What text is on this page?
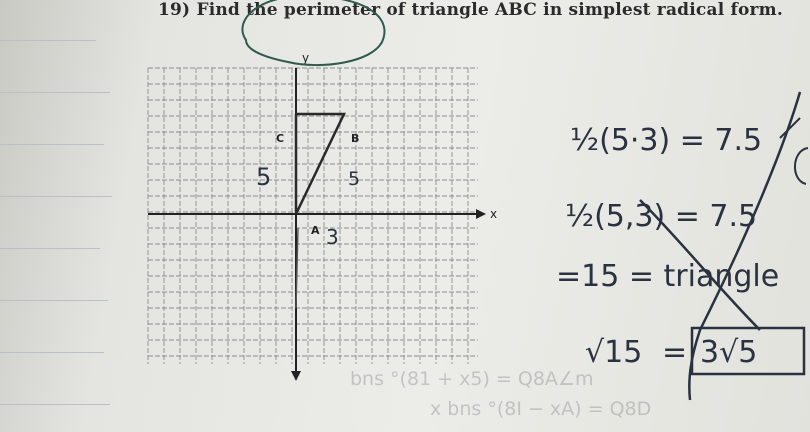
19) Find the perimeter of triangle ABC in simplest radical form.
bns °(81 + x5) = Q8A∠m
x bns °(8I − xA) = Q8D
y
x
C	B
A
5	5
3
½(5·3) = 7.5
½(5,3) = 7.5
=15 = triangle
√15 = 3√5
